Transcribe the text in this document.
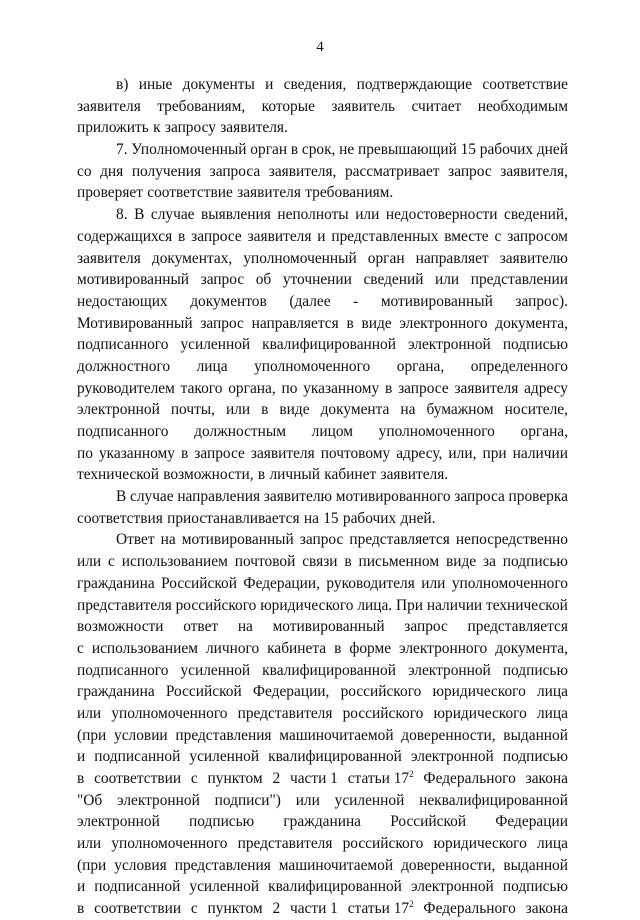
4
в) иные документы и сведения, подтверждающие соответствие
заявителя требованиям, которые заявитель считает необходимым
приложить к запросу заявителя.
7. Уполномоченный орган в срок, не превышающий 15 рабочих дней
со дня получения запроса заявителя, рассматривает запрос заявителя,
проверяет соответствие заявителя требованиям.
8. В случае выявления неполноты или недостоверности сведений,
содержащихся в запросе заявителя и представленных вместе с запросом
заявителя документах, уполномоченный орган направляет заявителю
мотивированный запрос об уточнении сведений или представлении
недостающих документов (далее - мотивированный запрос).
Мотивированный запрос направляется в виде электронного документа,
подписанного усиленной квалифицированной электронной подписью
должностного лица уполномоченного органа, определенного
руководителем такого органа, по указанному в запросе заявителя адресу
электронной почты, или в виде документа на бумажном носителе,
подписанного должностным лицом уполномоченного органа,
по указанному в запросе заявителя почтовому адресу, или, при наличии
технической возможности, в личный кабинет заявителя.
В случае направления заявителю мотивированного запроса проверка
соответствия приостанавливается на 15 рабочих дней.
Ответ на мотивированный запрос представляется непосредственно
или с использованием почтовой связи в письменном виде за подписью
гражданина Российской Федерации, руководителя или уполномоченного
представителя российского юридического лица. При наличии технической
возможности ответ на мотивированный запрос представляется
с использованием личного кабинета в форме электронного документа,
подписанного усиленной квалифицированной электронной подписью
гражданина Российской Федерации, российского юридического лица
или уполномоченного представителя российского юридического лица
(при условии представления машиночитаемой доверенности, выданной
и подписанной усиленной квалифицированной электронной подписью
в соответствии с пунктом 2 части 1 статьи $17^2$ Федерального закона
"Об электронной подписи") или усиленной неквалифицированной
электронной подписью гражданина Российской Федерации
или уполномоченного представителя российского юридического лица
(при условия представления машиночитаемой доверенности, выданной
и подписанной усиленной квалифицированной электронной подписью
в соответствии с пунктом 2 части 1 статьи $17^2$ Федерального закона
